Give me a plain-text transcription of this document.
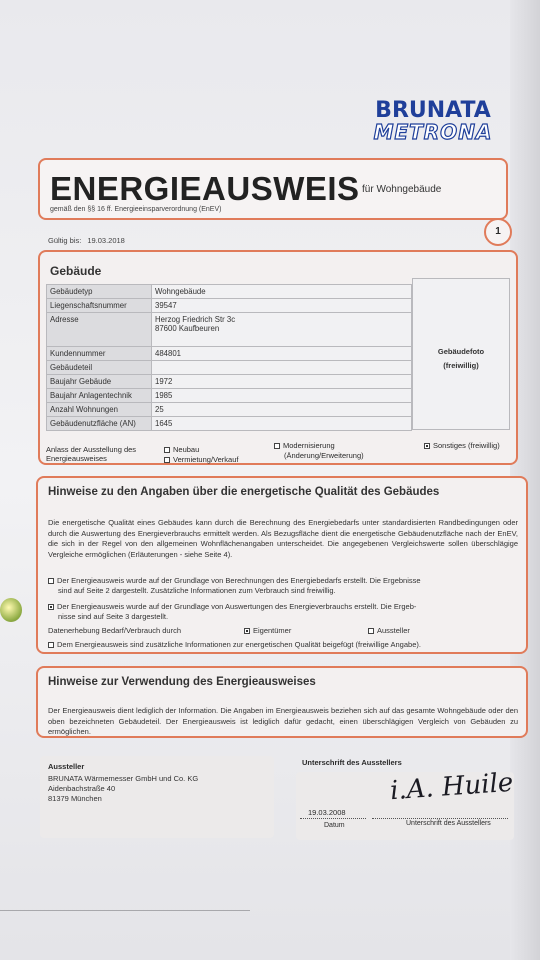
BRUNATA
METRONA
ENERGIEAUSWEIS für Wohngebäude
gemäß den §§ 16 ff. Energieeinsparverordnung (EnEV)
Gültig bis: 19.03.2018
1
Gebäude
Gebäudetyp	Wohngebäude
Liegenschaftsnummer	39547
Adresse	Herzog Friedrich Str 3c
87600 Kaufbeuren

Kundennummer	484801
Gebäudeteil	
Baujahr Gebäude	1972
Baujahr Anlagentechnik	1985
Anzahl Wohnungen	25
Gebäudenutzfläche (AN)	1645
Gebäudefoto
(freiwillig)
Anlass der Ausstellung des Energieausweises
Neubau
Vermietung/Verkauf
Modernisierung
(Änderung/Erweiterung)
Sonstiges (freiwillig)
Hinweise zu den Angaben über die energetische Qualität des Gebäudes
Die energetische Qualität eines Gebäudes kann durch die Berechnung des Energiebedarfs unter standardisierten Randbedingungen oder durch die Auswertung des Energieverbrauchs ermittelt werden. Als Bezugsfläche dient die energetische Gebäudenutzfläche nach der EnEV, die sich in der Regel von den allgemeinen Wohnflächenangaben unterscheidet. Die angegebenen Vergleichswerte sollen überschlägige Vergleiche ermöglichen (Erläuterungen - siehe Seite 4).
Der Energieausweis wurde auf der Grundlage von Berechnungen des Energiebedarfs erstellt. Die Ergebnisse
sind auf Seite 2 dargestellt. Zusätzliche Informationen zum Verbrauch sind freiwillig.
Der Energieausweis wurde auf der Grundlage von Auswertungen des Energieverbrauchs erstellt. Die Ergeb-
nisse sind auf Seite 3 dargestellt.
Datenerhebung Bedarf/Verbrauch durch	Eigentümer	Aussteller
Dem Energieausweis sind zusätzliche Informationen zur energetischen Qualität beigefügt (freiwillige Angabe).
Hinweise zur Verwendung des Energieausweises
Der Energieausweis dient lediglich der Information. Die Angaben im Energieausweis beziehen sich auf das gesamte Wohngebäude oder den oben bezeichneten Gebäudeteil. Der Energieausweis ist lediglich dafür gedacht, einen überschlägigen Vergleich von Gebäuden zu ermöglichen.
Aussteller
BRUNATA Wärmemesser GmbH und Co. KG
Aidenbachstraße 40
81379 München
Unterschrift des Ausstellers
i.A. Huile
19.03.2008
Datum	Unterschrift des Ausstellers
